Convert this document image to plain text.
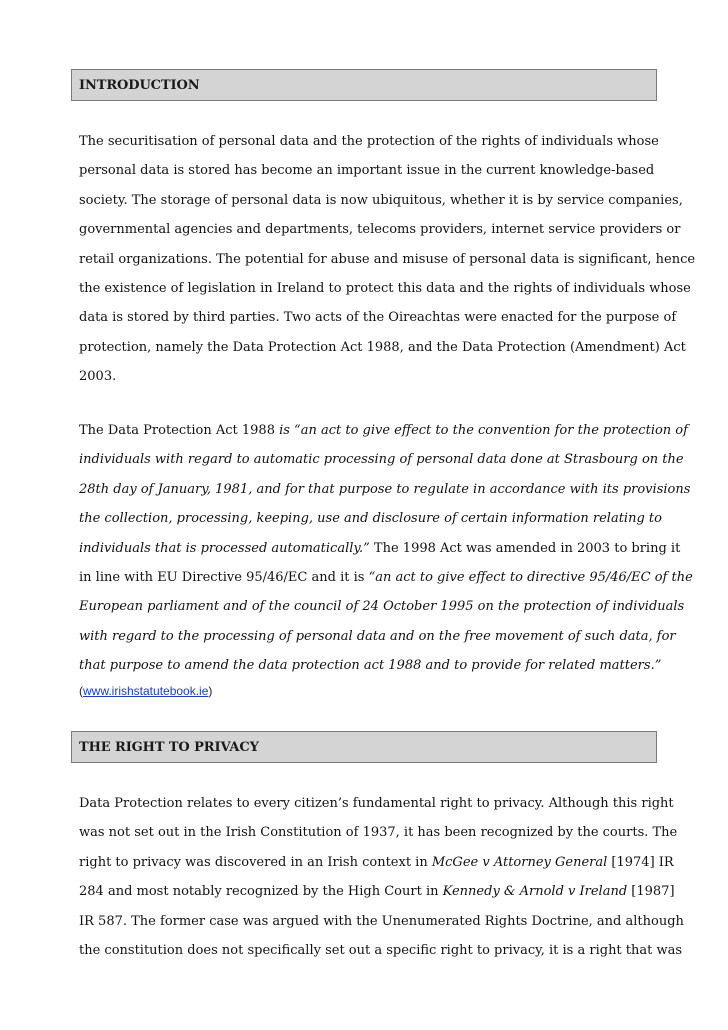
INTRODUCTION
The securitisation of personal data and the protection of the rights of individuals whose
personal data is stored has become an important issue in the current knowledge-based
society. The storage of personal data is now ubiquitous, whether it is by service companies,
governmental agencies and departments, telecoms providers, internet service providers or
retail organizations. The potential for abuse and misuse of personal data is significant, hence
the existence of legislation in Ireland to protect this data and the rights of individuals whose
data is stored by third parties. Two acts of the Oireachtas were enacted for the purpose of
protection, namely the Data Protection Act 1988, and the Data Protection (Amendment) Act
2003.
The Data Protection Act 1988 is “an act to give effect to the convention for the protection of
individuals with regard to automatic processing of personal data done at Strasbourg on the
28th day of January, 1981, and for that purpose to regulate in accordance with its provisions
the collection, processing, keeping, use and disclosure of certain information relating to
individuals that is processed automatically.” The 1998 Act was amended in 2003 to bring it
in line with EU Directive 95/46/EC and it is “an act to give effect to directive 95/46/EC of the
European parliament and of the council of 24 October 1995 on the protection of individuals
with regard to the processing of personal data and on the free movement of such data, for
that purpose to amend the data protection act 1988 and to provide for related matters.”
(www.irishstatutebook.ie)
THE RIGHT TO PRIVACY
Data Protection relates to every citizen’s fundamental right to privacy. Although this right
was not set out in the Irish Constitution of 1937, it has been recognized by the courts. The
right to privacy was discovered in an Irish context in McGee v Attorney General [1974] IR
284 and most notably recognized by the High Court in Kennedy & Arnold v Ireland [1987]
IR 587. The former case was argued with the Unenumerated Rights Doctrine, and although
the constitution does not specifically set out a specific right to privacy, it is a right that was
